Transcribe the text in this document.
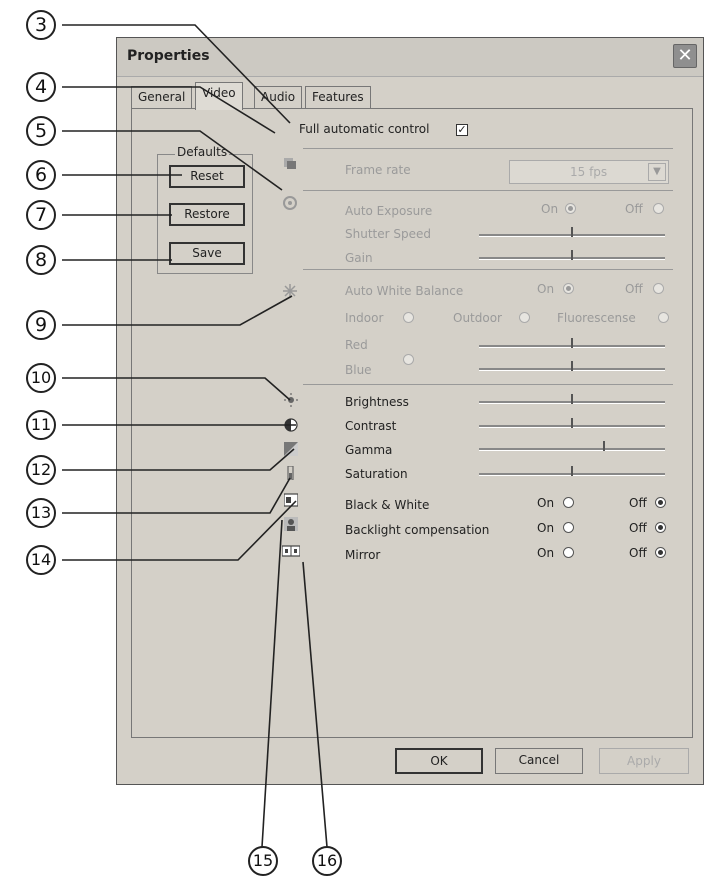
3
4
5
6
7
8
9
10
11
12
13
14
15	16
Properties	✕
General	Video	Audio	Features
Full automatic control	✓
Defaults
Reset
Restore
Save
Frame rate	15 fps	▼
Auto Exposure	On	Off
Shutter Speed
Gain
Auto White Balance	On	Off
Indoor	Outdoor	Fluorescense
Red
Blue
Brightness
Contrast
Gamma
Saturation
Black & White	On	Off
Backlight compensation	On	Off
Mirror	On	Off
OK	Cancel	Apply
